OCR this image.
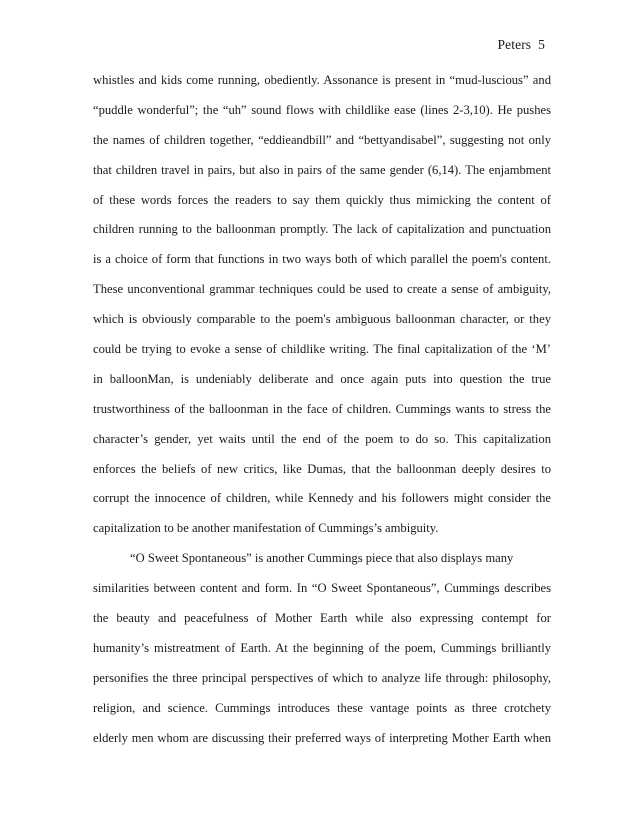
Peters 5
whistles and kids come running, obediently. Assonance is present in “mud-luscious” and
“puddle wonderful”; the “uh” sound flows with childlike ease (lines 2-3,10). He pushes
the names of children together, “eddieandbill” and “bettyandisabel”, suggesting not only
that children travel in pairs, but also in pairs of the same gender (6,14). The enjambment
of these words forces the readers to say them quickly thus mimicking the content of
children running to the balloonman promptly. The lack of capitalization and punctuation
is a choice of form that functions in two ways both of which parallel the poem's content.
These unconventional grammar techniques could be used to create a sense of ambiguity,
which is obviously comparable to the poem's ambiguous balloonman character, or they
could be trying to evoke a sense of childlike writing. The final capitalization of the ‘M’
in balloonMan, is undeniably deliberate and once again puts into question the true
trustworthiness of the balloonman in the face of children. Cummings wants to stress the
character’s gender, yet waits until the end of the poem to do so. This capitalization
enforces the beliefs of new critics, like Dumas, that the balloonman deeply desires to
corrupt the innocence of children, while Kennedy and his followers might consider the
capitalization to be another manifestation of Cummings’s ambiguity.
“O Sweet Spontaneous” is another Cummings piece that also displays many
similarities between content and form. In “O Sweet Spontaneous”, Cummings describes
the beauty and peacefulness of Mother Earth while also expressing contempt for
humanity’s mistreatment of Earth. At the beginning of the poem, Cummings brilliantly
personifies the three principal perspectives of which to analyze life through: philosophy,
religion, and science. Cummings introduces these vantage points as three crotchety
elderly men whom are discussing their preferred ways of interpreting Mother Earth when
